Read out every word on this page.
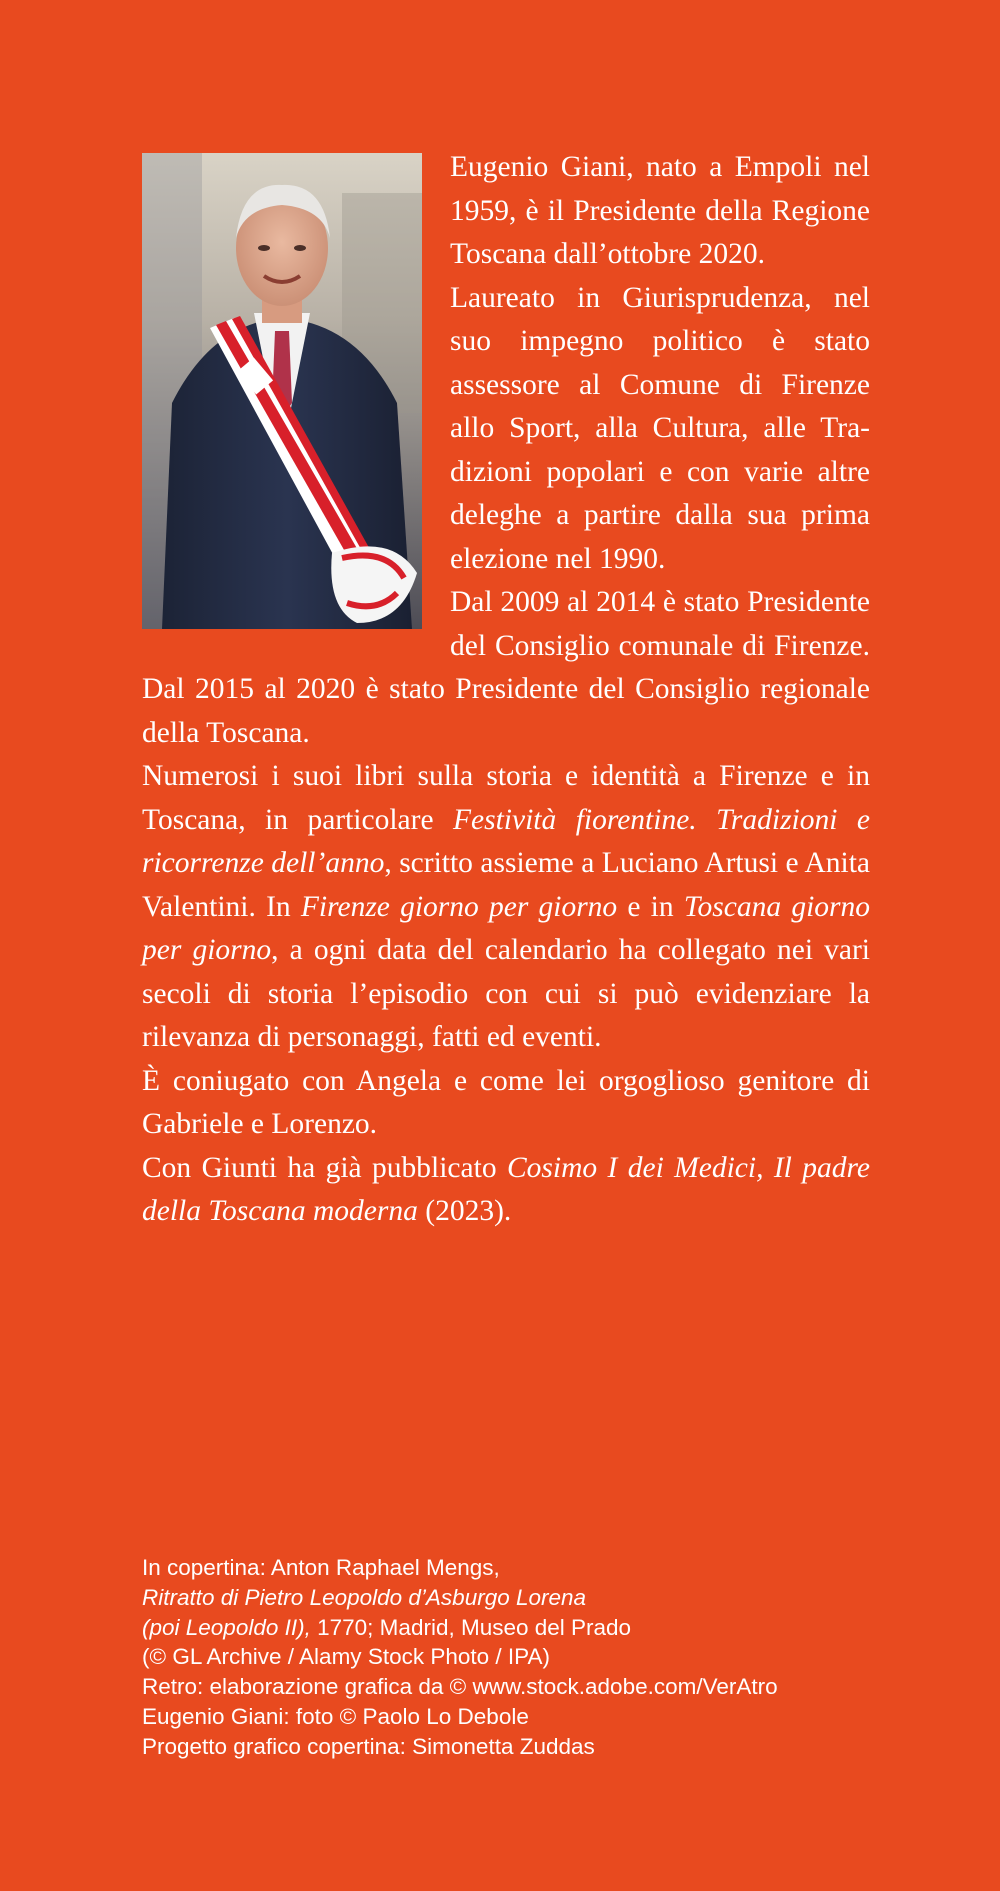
Eugenio Giani, nato a Empoli nel 1959, è il Presidente della Regione Toscana dall’ottobre 2020.

Laureato in Giurisprudenza, nel suo impegno politico è stato assessore al Comune di Firenze allo Sport, alla Cultura, alle Tradizioni popolari e con varie altre deleghe a partire dalla sua prima elezione nel 1990.

Dal 2009 al 2014 è stato Presidente del Consiglio comunale di Firenze. Dal 2015 al 2020 è stato Presidente del Consiglio regionale della Toscana.

Numerosi i suoi libri sulla storia e identità a Firenze e in Toscana, in particolare Festività fiorentine. Tradizioni e ricorrenze dell’anno, scritto assieme a Luciano Artusi e Anita Valentini. In Firenze giorno per giorno e in Toscana giorno per giorno, a ogni data del calendario ha collegato nei vari secoli di storia l’episodio con cui si può evidenziare la rilevanza di personaggi, fatti ed eventi.

È coniugato con Angela e come lei orgoglioso genitore di Gabriele e Lorenzo.

Con Giunti ha già pubblicato Cosimo I dei Medici, Il padre della Toscana moderna (2023).

In copertina: Anton Raphael Mengs,

Ritratto di Pietro Leopoldo d’Asburgo Lorena

(poi Leopoldo II), 1770; Madrid, Museo del Prado

(© GL Archive / Alamy Stock Photo / IPA)

Retro: elaborazione grafica da © www.stock.adobe.com/VerAtro

Eugenio Giani: foto © Paolo Lo Debole

Progetto grafico copertina: Simonetta Zuddas
